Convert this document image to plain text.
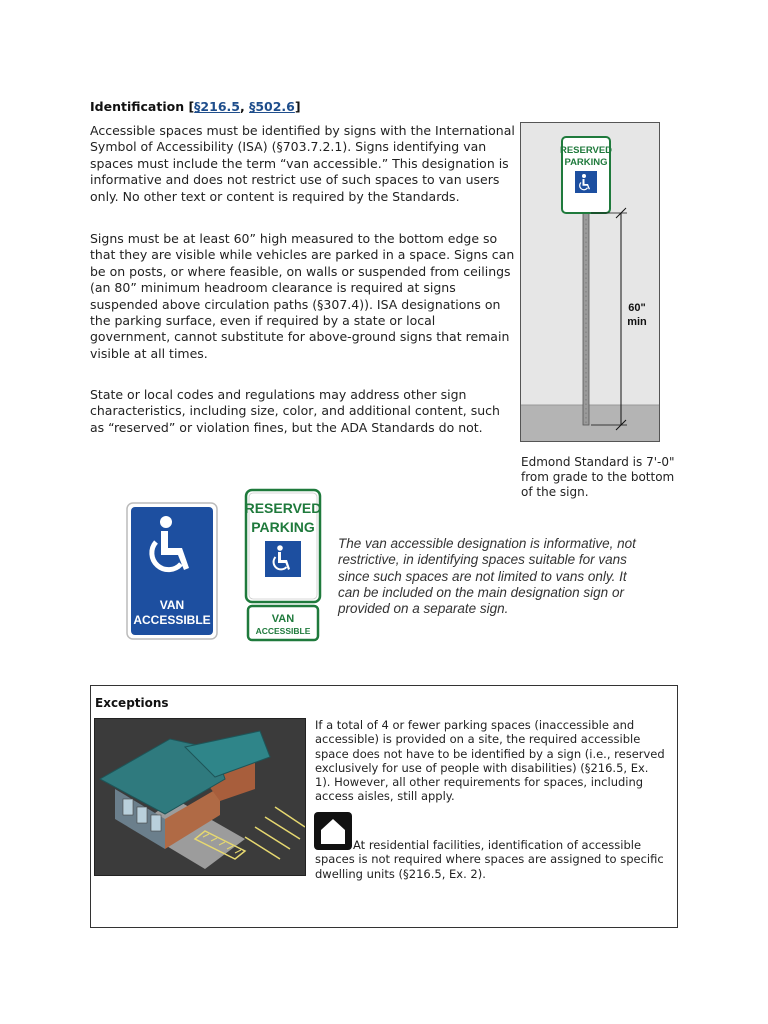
Identification [§216.5, §502.6]

Accessible spaces must be identified by signs with the International Symbol of Accessibility (ISA) (§703.7.2.1). Signs identifying van spaces must include the term “van accessible.” This designation is informative and does not restrict use of such spaces to van users only. No other text or content is required by the Standards.

Signs must be at least 60” high measured to the bottom edge so that they are visible while vehicles are parked in a space. Signs can be on posts, or where feasible, on walls or suspended from ceilings (an 80” minimum headroom clearance is required at signs suspended above circulation paths (§307.4)). ISA designations on the parking surface, even if required by a state or local government, cannot substitute for above-ground signs that remain visible at all times.

State or local codes and regulations may address other sign characteristics, including size, color, and additional content, such as “reserved” or violation fines, but the ADA Standards do not.

RESERVED
PARKING
60"
min
Edmond Standard is 7'-0" from grade to the bottom of the sign.
VAN
ACCESSIBLE
RESERVED
PARKING
VAN
ACCESSIBLE
The van accessible designation is informative, not restrictive, in identifying spaces suitable for vans since such spaces are not limited to vans only. It can be included on the main designation sign or provided on a separate sign.
Exceptions
If a total of 4 or fewer parking spaces (inaccessible and accessible) is provided on a site, the required accessible space does not have to be identified by a sign (i.e., reserved exclusively for use of people with disabilities) (§216.5, Ex. 1). However, all other requirements for spaces, including access aisles, still apply.
At residential facilities, identification of accessible spaces is not required where spaces are assigned to specific dwelling units (§216.5, Ex. 2).
